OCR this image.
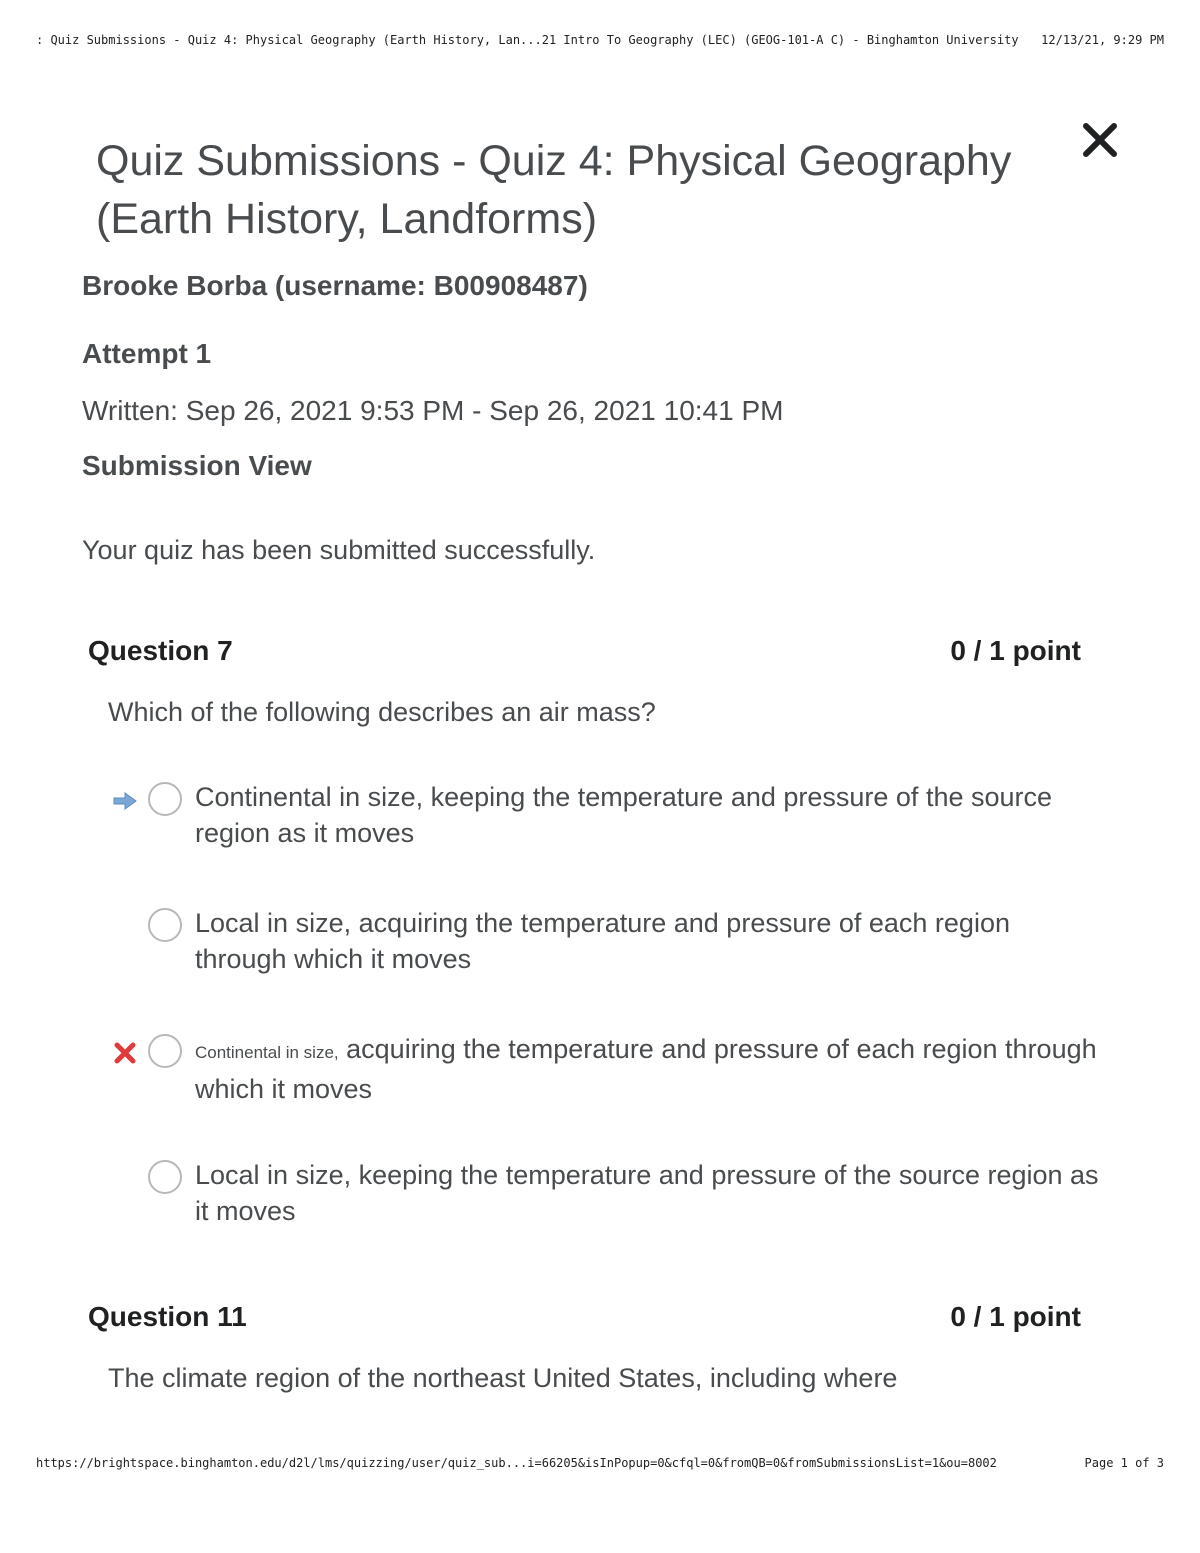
: Quiz Submissions - Quiz 4: Physical Geography (Earth History, Lan...21 Intro To Geography (LEC) (GEOG-101-A C) - Binghamton University 12/13/21, 9:29 PM
Quiz Submissions - Quiz 4: Physical Geography (Earth History, Landforms)
Brooke Borba (username: B00908487)
Attempt 1
Written: Sep 26, 2021 9:53 PM - Sep 26, 2021 10:41 PM
Submission View
Your quiz has been submitted successfully.
Question 7	0 / 1 point
Which of the following describes an air mass?
Continental in size, keeping the temperature and pressure of the source region as it moves
Local in size, acquiring the temperature and pressure of each region through which it moves
Continental in size, acquiring the temperature and pressure of each region through which it moves
Local in size, keeping the temperature and pressure of the source region as it moves
Question 11	0 / 1 point
The climate region of the northeast United States, including where
https://brightspace.binghamton.edu/d2l/lms/quizzing/user/quiz_sub...i=66205&isInPopup=0&cfql=0&fromQB=0&fromSubmissionsList=1&ou=8002	Page 1 of 3
